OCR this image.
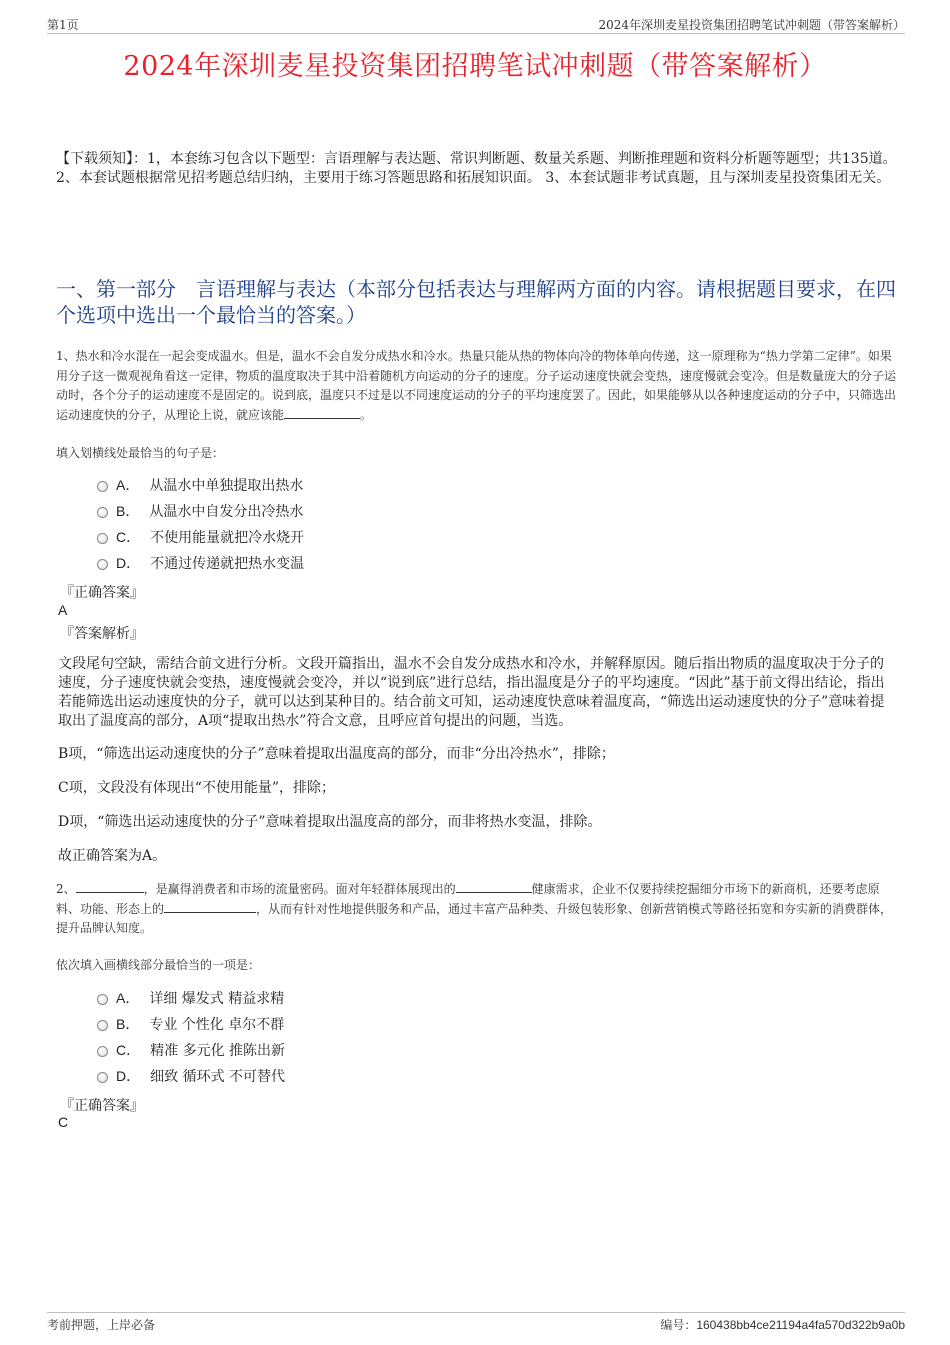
第1页	2024年深圳麦星投资集团招聘笔试冲刺题（带答案解析）
2024年深圳麦星投资集团招聘笔试冲刺题（带答案解析）
【下载须知】：1，本套练习包含以下题型：言语理解与表达题、常识判断题、数量关系题、判断推理题和资料分析题等题型；共135道。 2、本套试题根据常见招考题总结归纳，主要用于练习答题思路和拓展知识面。 3、本套试题非考试真题，且与深圳麦星投资集团无关。
一、第一部分　言语理解与表达（本部分包括表达与理解两方面的内容。请根据题目要求，在四个选项中选出一个最恰当的答案。）
1、热水和冷水混在一起会变成温水。但是，温水不会自发分成热水和冷水。热量只能从热的物体向冷的物体单向传递，这一原理称为“热力学第二定律”。如果用分子这一微观视角看这一定律，物质的温度取决于其中沿着随机方向运动的分子的速度。分子运动速度快就会变热，速度慢就会变冷。但是数量庞大的分子运动时，各个分子的运动速度不是固定的。说到底，温度只不过是以不同速度运动的分子的平均速度罢了。因此，如果能够从以各种速度运动的分子中，只筛选出运动速度快的分子，从理论上说，就应该能	。
填入划横线处最恰当的句子是：
A． 从温水中单独提取出热水
B． 从温水中自发分出冷热水
C． 不使用能量就把冷水烧开
D． 不通过传递就把热水变温
『正确答案』
A
『答案解析』
文段尾句空缺，需结合前文进行分析。文段开篇指出，温水不会自发分成热水和冷水，并解释原因。随后指出物质的温度取决于分子的速度，分子速度快就会变热，速度慢就会变冷，并以“说到底”进行总结，指出温度是分子的平均速度。“因此”基于前文得出结论，指出若能筛选出运动速度快的分子，就可以达到某种目的。结合前文可知，运动速度快意味着温度高，“筛选出运动速度快的分子”意味着提取出了温度高的部分，A项“提取出热水”符合文意，且呼应首句提出的问题，当选。
B项，“筛选出运动速度快的分子”意味着提取出温度高的部分，而非“分出冷热水”，排除；
C项，文段没有体现出“不使用能量”，排除；
D项，“筛选出运动速度快的分子”意味着提取出温度高的部分，而非将热水变温，排除。
故正确答案为A。
2、	，是赢得消费者和市场的流量密码。面对年轻群体展现出的	健康需求，企业不仅要持续挖掘细分市场下的新商机，还要考虑原料、功能、形态上的	，从而有针对性地提供服务和产品，通过丰富产品种类、升级包装形象、创新营销模式等路径拓宽和夯实新的消费群体，提升品牌认知度。
依次填入画横线部分最恰当的一项是：
A． 详细 爆发式 精益求精
B． 专业 个性化 卓尔不群
C． 精准 多元化 推陈出新
D． 细致 循环式 不可替代
『正确答案』
C
考前押题，上岸必备	编号：160438bb4ce21194a4fa570d322b9a0b
